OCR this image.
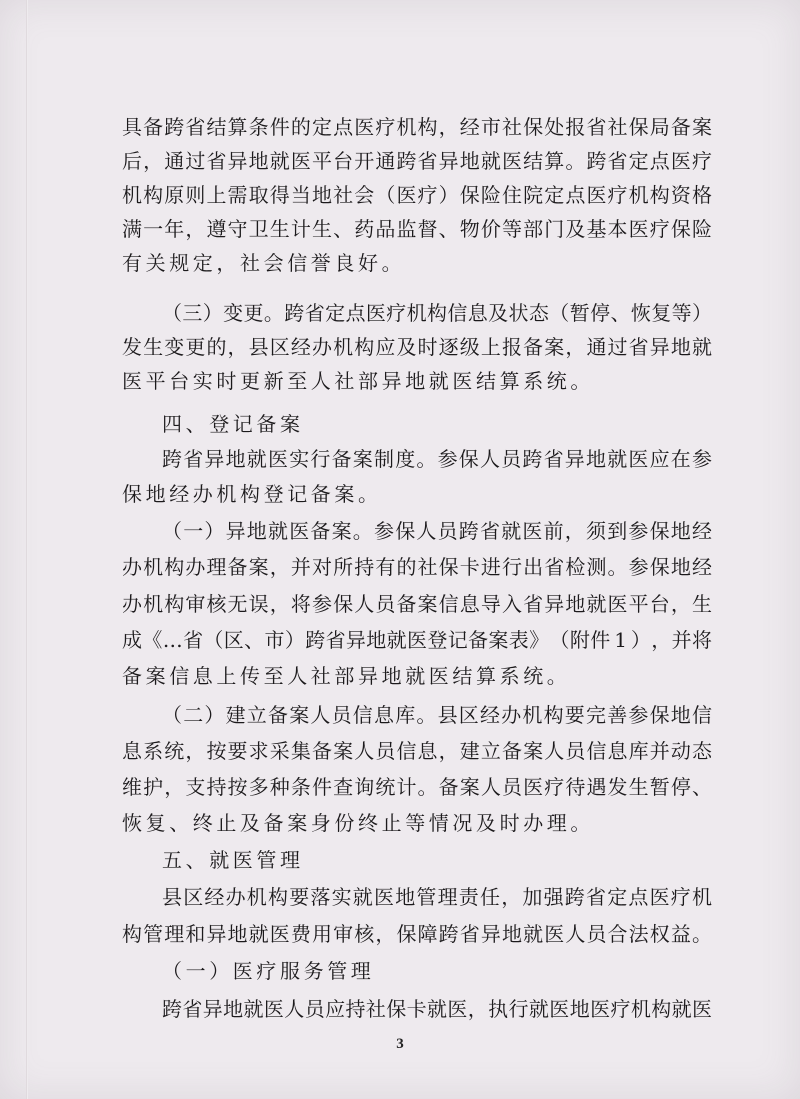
具 备 跨 省 结 算 条 件 的 定 点 医 疗 机 构 ， 经 市 社 保 处 报 省 社 保 局 备 案
后 ， 通 过 省 异 地 就 医 平 台 开 通 跨 省 异 地 就 医 结 算 。 跨 省 定 点 医 疗
机 构 原 则 上 需 取 得 当 地 社 会 （ 医 疗 ） 保 险 住 院 定 点 医 疗 机 构 资 格
满 一 年 ， 遵 守 卫 生 计 生 、 药 品 监 督 、 物 价 等 部 门 及 基 本 医 疗 保 险
有 关 规 定 ， 社 会 信 誉 良 好 。
（ 三 ） 变 更 。 跨 省 定 点 医 疗 机 构 信 息 及 状 态 （ 暂 停 、 恢 复 等 ）
发 生 变 更 的 ， 县 区 经 办 机 构 应 及 时 逐 级 上 报 备 案 ， 通 过 省 异 地 就
医 平 台 实 时 更 新 至 人 社 部 异 地 就 医 结 算 系 统 。
四 、 登 记 备 案
跨 省 异 地 就 医 实 行 备 案 制 度 。 参 保 人 员 跨 省 异 地 就 医 应 在 参
保 地 经 办 机 构 登 记 备 案 。
（ 一 ） 异 地 就 医 备 案 。 参 保 人 员 跨 省 就 医 前 ， 须 到 参 保 地 经
办 机 构 办 理 备 案 ， 并 对 所 持 有 的 社 保 卡 进 行 出 省 检 测 。 参 保 地 经
办 机 构 审 核 无 误 ， 将 参 保 人 员 备 案 信 息 导 入 省 异 地 就 医 平 台 ， 生
成 《 … 省 （ 区 、 市 ） 跨 省 异 地 就 医 登 记 备 案 表 》 （ 附 件 1 ） ， 并 将
备 案 信 息 上 传 至 人 社 部 异 地 就 医 结 算 系 统 。
（ 二 ） 建 立 备 案 人 员 信 息 库 。 县 区 经 办 机 构 要 完 善 参 保 地 信
息 系 统 ， 按 要 求 采 集 备 案 人 员 信 息 ， 建 立 备 案 人 员 信 息 库 并 动 态
维 护 ， 支 持 按 多 种 条 件 查 询 统 计 。 备 案 人 员 医 疗 待 遇 发 生 暂 停 、
恢 复 、 终 止 及 备 案 身 份 终 止 等 情 况 及 时 办 理 。
五 、 就 医 管 理
县 区 经 办 机 构 要 落 实 就 医 地 管 理 责 任 ， 加 强 跨 省 定 点 医 疗 机
构 管 理 和 异 地 就 医 费 用 审 核 ， 保 障 跨 省 异 地 就 医 人 员 合 法 权 益 。
（ 一 ） 医 疗 服 务 管 理
跨 省 异 地 就 医 人 员 应 持 社 保 卡 就 医 ， 执 行 就 医 地 医 疗 机 构 就 医
3
